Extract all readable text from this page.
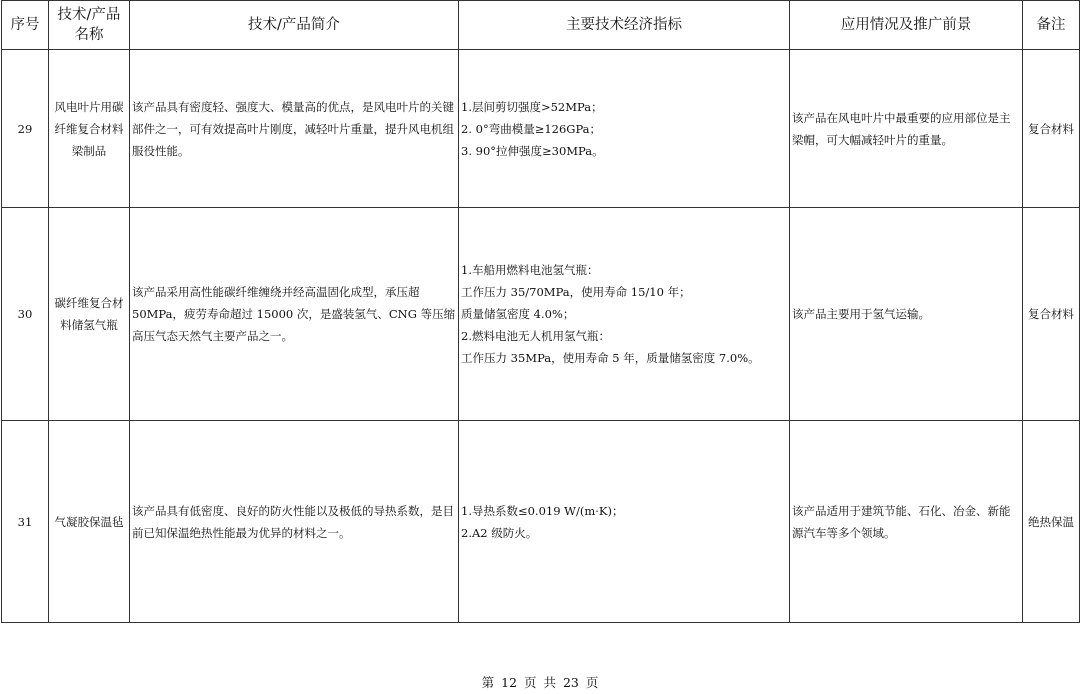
序号	技术/产品名称	技术/产品简介	主要技术经济指标	应用情况及推广前景	备注
29	风电叶片用碳纤维复合材料梁制品	该产品具有密度轻、强度大、模量高的优点，是风电叶片的关键部件之一，可有效提高叶片刚度，减轻叶片重量，提升风电机组服役性能。	1.层间剪切强度>52MPa；
2. 0°弯曲模量≥126GPa；
3. 90°拉伸强度≥30MPa。	该产品在风电叶片中最重要的应用部位是主梁帽，可大幅减轻叶片的重量。	复合材料
30	碳纤维复合材料储氢气瓶	该产品采用高性能碳纤维缠绕并经高温固化成型，承压超50MPa，疲劳寿命超过 15000 次，是盛装氢气、CNG 等压缩高压气态天然气主要产品之一。	1.车船用燃料电池氢气瓶：
工作压力 35/70MPa，使用寿命 15/10 年；
质量储氢密度 4.0%；
2.燃料电池无人机用氢气瓶：
工作压力 35MPa，使用寿命 5 年，质量储氢密度 7.0%。	该产品主要用于氢气运输。	复合材料
31	气凝胶保温毡	该产品具有低密度、良好的防火性能以及极低的导热系数，是目前已知保温绝热性能最为优异的材料之一。	1.导热系数≤0.019 W/(m·K)；
2.A2 级防火。	该产品适用于建筑节能、石化、冶金、新能源汽车等多个领域。	绝热保温
第 12 页 共 23 页
